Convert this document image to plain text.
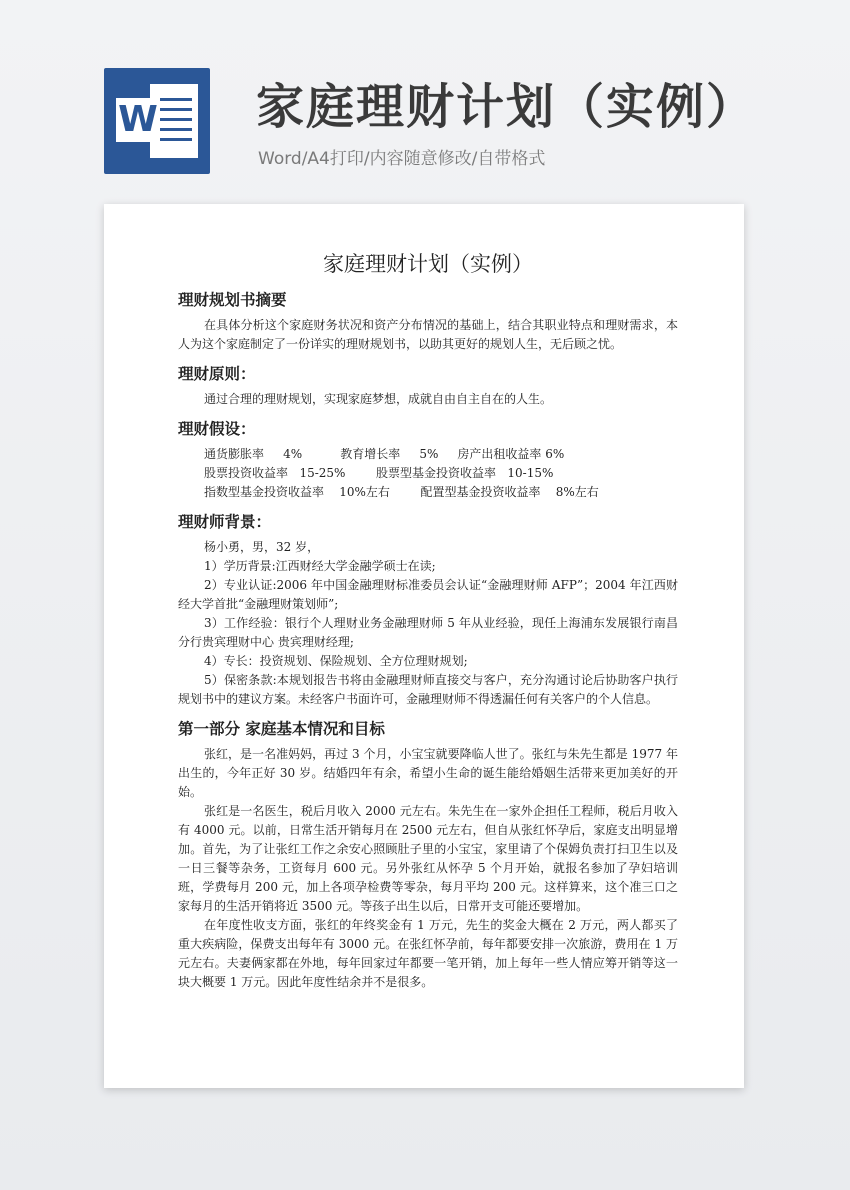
W 家庭理财计划（实例）
Word/A4打印/内容随意修改/自带格式
家庭理财计划（实例）
理财规划书摘要

在具体分析这个家庭财务状况和资产分布情况的基础上，结合其职业特点和理财需求，本人为这个家庭制定了一份详实的理财规划书，以助其更好的规划人生，无后顾之忧。

理财原则：

通过合理的理财规划，实现家庭梦想，成就自由自主自在的人生。

理财假设：
通货膨胀率     4%          教育增长率     5%     房产出租收益率 6%
股票投资收益率   15-25%        股票型基金投资收益率   10-15%
指数型基金投资收益率    10%左右        配置型基金投资收益率    8%左右
理财师背景：

杨小勇，男，32 岁，

1）学历背景:江西财经大学金融学硕士在读;

2）专业认证:2006 年中国金融理财标准委员会认证“金融理财师 AFP”；2004 年江西财经大学首批“金融理财策划师”;

3）工作经验：银行个人理财业务金融理财师 5 年从业经验，现任上海浦东发展银行南昌分行贵宾理财中心 贵宾理财经理;

4）专长：投资规划、保险规划、全方位理财规划;

5）保密条款:本规划报告书将由金融理财师直接交与客户，充分沟通讨论后协助客户执行规划书中的建议方案。未经客户书面许可，金融理财师不得透漏任何有关客户的个人信息。

第一部分 家庭基本情况和目标

张红，是一名准妈妈，再过 3 个月，小宝宝就要降临人世了。张红与朱先生都是 1977 年出生的，今年正好 30 岁。结婚四年有余，希望小生命的诞生能给婚姻生活带来更加美好的开始。

张红是一名医生，税后月收入 2000 元左右。朱先生在一家外企担任工程师，税后月收入有 4000 元。以前，日常生活开销每月在 2500 元左右，但自从张红怀孕后，家庭支出明显增加。首先，为了让张红工作之余安心照顾肚子里的小宝宝，家里请了个保姆负责打扫卫生以及一日三餐等杂务，工资每月 600 元。另外张红从怀孕 5 个月开始，就报名参加了孕妇培训班，学费每月 200 元，加上各项孕检费等零杂，每月平均 200 元。这样算来，这个准三口之家每月的生活开销将近 3500 元。等孩子出生以后，日常开支可能还要增加。

在年度性收支方面，张红的年终奖金有 1 万元，先生的奖金大概在 2 万元，两人都买了重大疾病险，保费支出每年有 3000 元。在张红怀孕前，每年都要安排一次旅游，费用在 1 万元左右。夫妻俩家都在外地，每年回家过年都要一笔开销，加上每年一些人情应筹开销等这一块大概要 1 万元。因此年度性结余并不是很多。
